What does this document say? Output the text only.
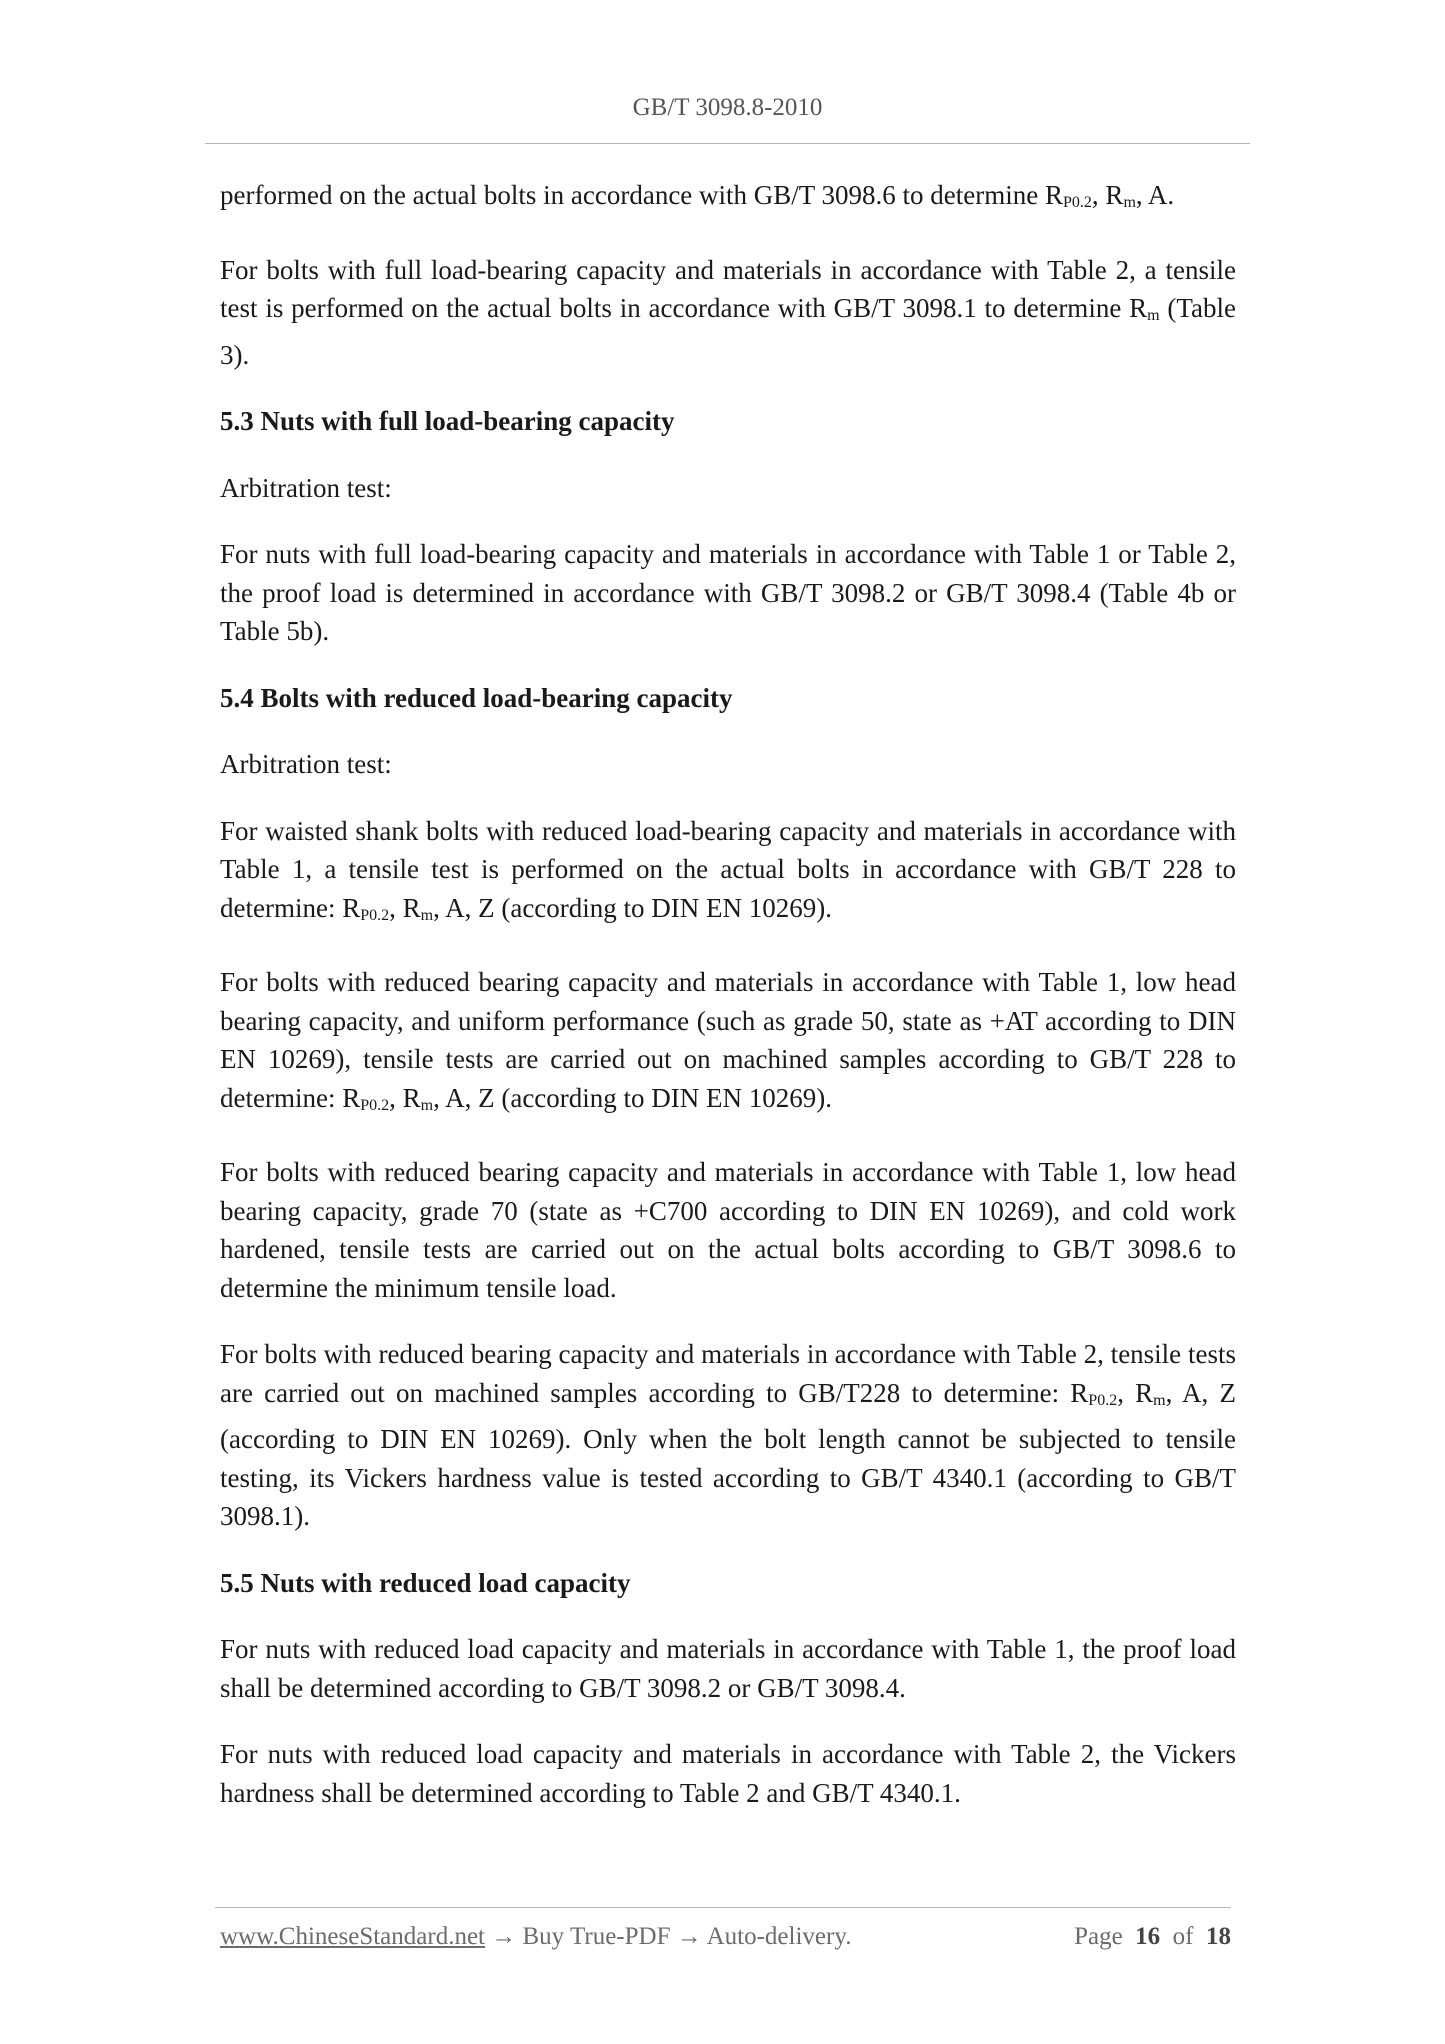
GB/T 3098.8-2010

performed on the actual bolts in accordance with GB/T 3098.6 to determine RP0.2, Rm, A.

For bolts with full load-bearing capacity and materials in accordance with Table 2, a tensile test is performed on the actual bolts in accordance with GB/T 3098.1 to determine Rm (Table 3).

5.3 Nuts with full load-bearing capacity

Arbitration test:

For nuts with full load-bearing capacity and materials in accordance with Table 1 or Table 2, the proof load is determined in accordance with GB/T 3098.2 or GB/T 3098.4 (Table 4b or Table 5b).

5.4 Bolts with reduced load-bearing capacity

Arbitration test:

For waisted shank bolts with reduced load-bearing capacity and materials in accordance with Table 1, a tensile test is performed on the actual bolts in accordance with GB/T 228 to determine: RP0.2, Rm, A, Z (according to DIN EN 10269).

For bolts with reduced bearing capacity and materials in accordance with Table 1, low head bearing capacity, and uniform performance (such as grade 50, state as +AT according to DIN EN 10269), tensile tests are carried out on machined samples according to GB/T 228 to determine: RP0.2, Rm, A, Z (according to DIN EN 10269).

For bolts with reduced bearing capacity and materials in accordance with Table 1, low head bearing capacity, grade 70 (state as +C700 according to DIN EN 10269), and cold work hardened, tensile tests are carried out on the actual bolts according to GB/T 3098.6 to determine the minimum tensile load.

For bolts with reduced bearing capacity and materials in accordance with Table 2, tensile tests are carried out on machined samples according to GB/T228 to determine: RP0.2, Rm, A, Z (according to DIN EN 10269). Only when the bolt length cannot be subjected to tensile testing, its Vickers hardness value is tested according to GB/T 4340.1 (according to GB/T 3098.1).

5.5 Nuts with reduced load capacity

For nuts with reduced load capacity and materials in accordance with Table 1, the proof load shall be determined according to GB/T 3098.2 or GB/T 3098.4.

For nuts with reduced load capacity and materials in accordance with Table 2, the Vickers hardness shall be determined according to Table 2 and GB/T 4340.1.

www.ChineseStandard.net → Buy True-PDF → Auto-delivery.	Page 16 of 18
